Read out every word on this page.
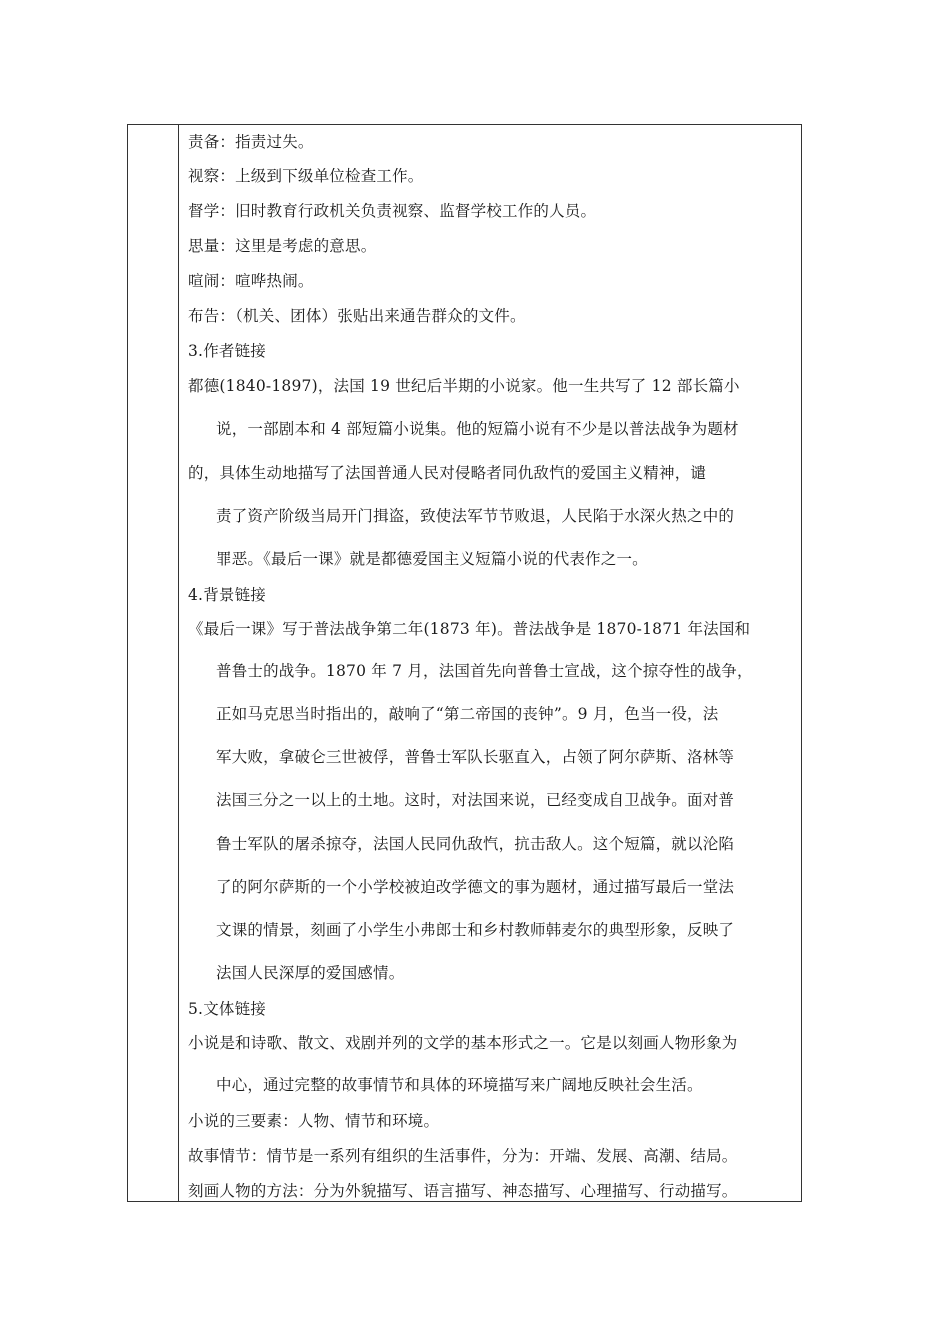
责备：指责过失。
视察：上级到下级单位检查工作。
督学：旧时教育行政机关负责视察、监督学校工作的人员。
思量：这里是考虑的意思。
喧闹：喧哗热闹。
布告：（机关、团体）张贴出来通告群众的文件。
3.作者链接
都德(1840-1897)，法国 19 世纪后半期的小说家。他一生共写了 12 部长篇小
说，一部剧本和 4 部短篇小说集。他的短篇小说有不少是以普法战争为题材
的，具体生动地描写了法国普通人民对侵略者同仇敌忾的爱国主义精神，谴
责了资产阶级当局开门揖盗，致使法军节节败退，人民陷于水深火热之中的
罪恶。《最后一课》就是都德爱国主义短篇小说的代表作之一。
4.背景链接
《最后一课》写于普法战争第二年(1873 年)。普法战争是 1870-1871 年法国和
普鲁士的战争。1870 年 7 月，法国首先向普鲁士宣战，这个掠夺性的战争，
正如马克思当时指出的，敲响了“第二帝国的丧钟”。9 月，色当一役，法
军大败，拿破仑三世被俘，普鲁士军队长驱直入，占领了阿尔萨斯、洛林等
法国三分之一以上的土地。这时，对法国来说，已经变成自卫战争。面对普
鲁士军队的屠杀掠夺，法国人民同仇敌忾，抗击敌人。这个短篇，就以沦陷
了的阿尔萨斯的一个小学校被迫改学德文的事为题材，通过描写最后一堂法
文课的情景，刻画了小学生小弗郎士和乡村教师韩麦尔的典型形象，反映了
法国人民深厚的爱国感情。
5.文体链接
小说是和诗歌、散文、戏剧并列的文学的基本形式之一。它是以刻画人物形象为
中心，通过完整的故事情节和具体的环境描写来广阔地反映社会生活。
小说的三要素：人物、情节和环境。
故事情节：情节是一系列有组织的生活事件，分为：开端、发展、高潮、结局。
刻画人物的方法：分为外貌描写、语言描写、神态描写、心理描写、行动描写。
